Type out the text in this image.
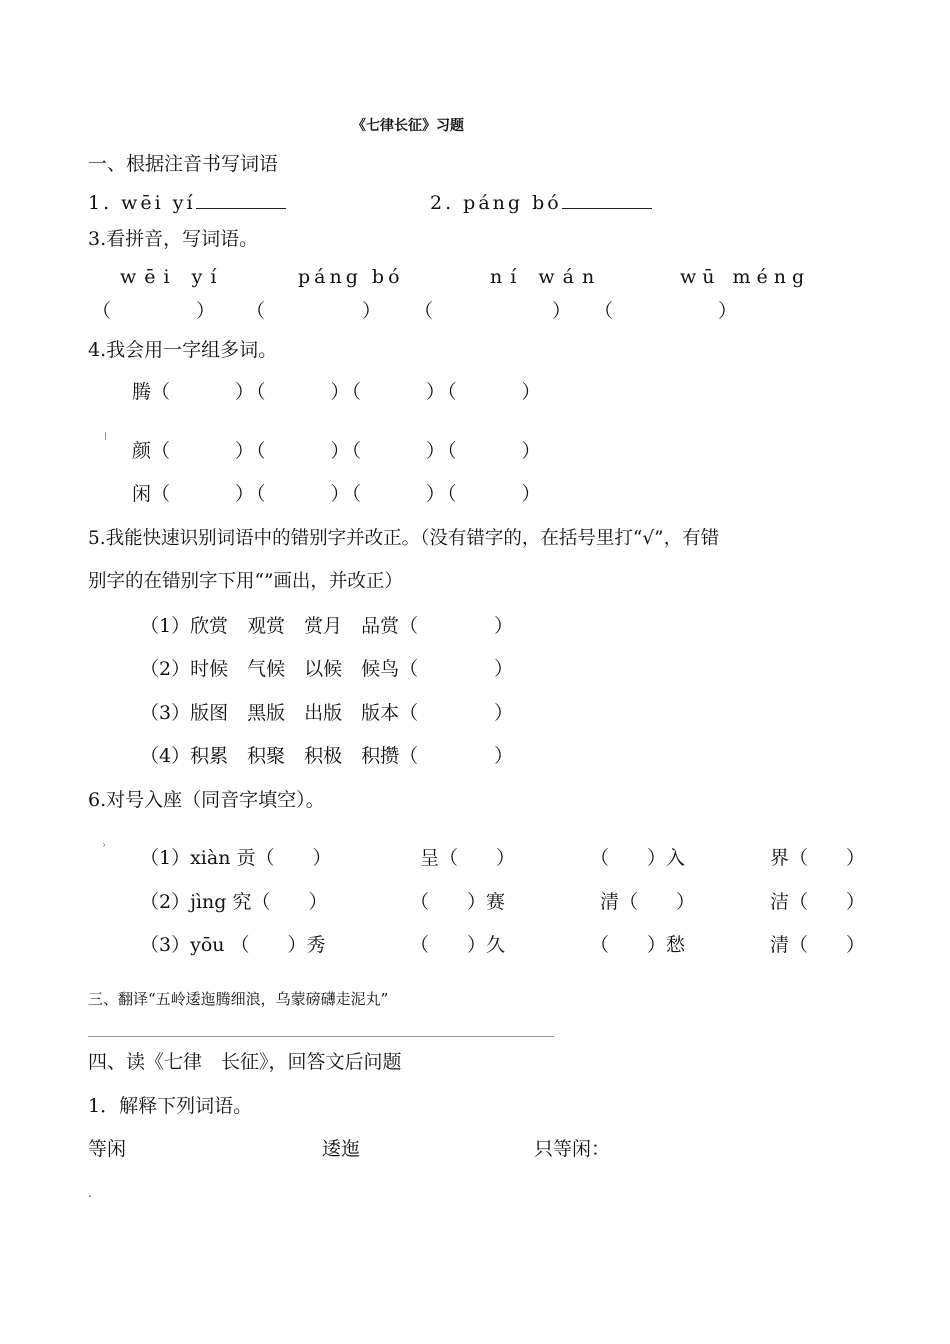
《七律长征》习题
一、根据注音书写词语
1. wēi yí	2. páng bó
3.看拼音，写词语。
wēi yí	páng bó	ní wán	wū méng
（	） （	） （	） （	）
4.我会用一字组多词。
腾（　　　）（　　　）（　　　）（　　　）
ǀ
颜（　　　）（　　　）（　　　）（　　　）
闲（　　　）（　　　）（　　　）（　　　）
5.我能快速识别词语中的错别字并改正。（没有错字的，在括号里打“√”，有错
别字的在错别字下用“”画出，并改正）
（1）欣赏　观赏　赏月　品赏（　　　　）
（2）时候　气候　以候　候鸟（　　　　）
（3）版图　黑版　出版　版本（　　　　）
（4）积累　积聚　积极　积攒（　　　　）
6.对号入座（同音字填空）。
›
（1）xiàn 贡（　　）	呈（　　）	（　　）入	界（　　）
（2）jìng 究（　　）	（　　）赛	清（　　）	洁（　　）
（3）yōu （　　）秀	（　　）久	（　　）愁	清（　　）
三、翻译“五岭逶迤腾细浪，乌蒙磅礴走泥丸”
四、读《七律　长征》，回答文后问题
1．解释下列词语。
等闲	逶迤	只等闲：
.
